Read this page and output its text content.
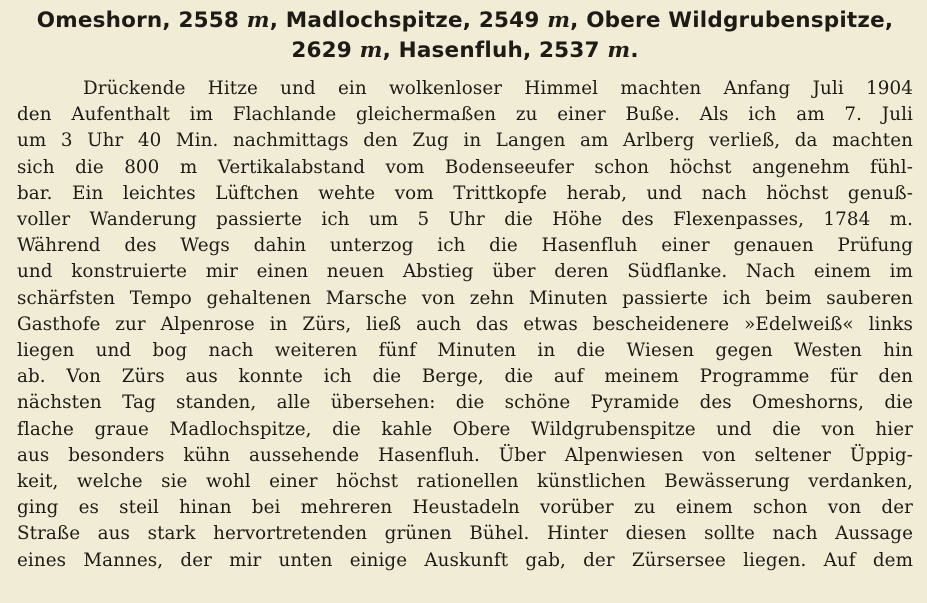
Omeshorn, 2558 m, Madlochspitze, 2549 m, Obere Wildgrubenspitze,
2629 m, Hasenfluh, 2537 m.
Drückende Hitze und ein wolkenloser Himmel machten Anfang Juli 1904
den Aufenthalt im Flachlande gleichermaßen zu einer Buße. Als ich am 7. Juli
um 3 Uhr 40 Min. nachmittags den Zug in Langen am Arlberg verließ, da machten
sich die 800 m Vertikalabstand vom Bodenseeufer schon höchst angenehm fühl-
bar. Ein leichtes Lüftchen wehte vom Trittkopfe herab, und nach höchst genuß-
voller Wanderung passierte ich um 5 Uhr die Höhe des Flexenpasses, 1784 m.
Während des Wegs dahin unterzog ich die Hasenfluh einer genauen Prüfung
und konstruierte mir einen neuen Abstieg über deren Südflanke. Nach einem im
schärfsten Tempo gehaltenen Marsche von zehn Minuten passierte ich beim sauberen
Gasthofe zur Alpenrose in Zürs, ließ auch das etwas bescheidenere »Edelweiß« links
liegen und bog nach weiteren fünf Minuten in die Wiesen gegen Westen hin
ab. Von Zürs aus konnte ich die Berge, die auf meinem Programme für den
nächsten Tag standen, alle übersehen: die schöne Pyramide des Omeshorns, die
flache graue Madlochspitze, die kahle Obere Wildgrubenspitze und die von hier
aus besonders kühn aussehende Hasenfluh. Über Alpenwiesen von seltener Üppig-
keit, welche sie wohl einer höchst rationellen künstlichen Bewässerung verdanken,
ging es steil hinan bei mehreren Heustadeln vorüber zu einem schon von der
Straße aus stark hervortretenden grünen Bühel. Hinter diesen sollte nach Aussage
eines Mannes, der mir unten einige Auskunft gab, der Zürsersee liegen. Auf dem
